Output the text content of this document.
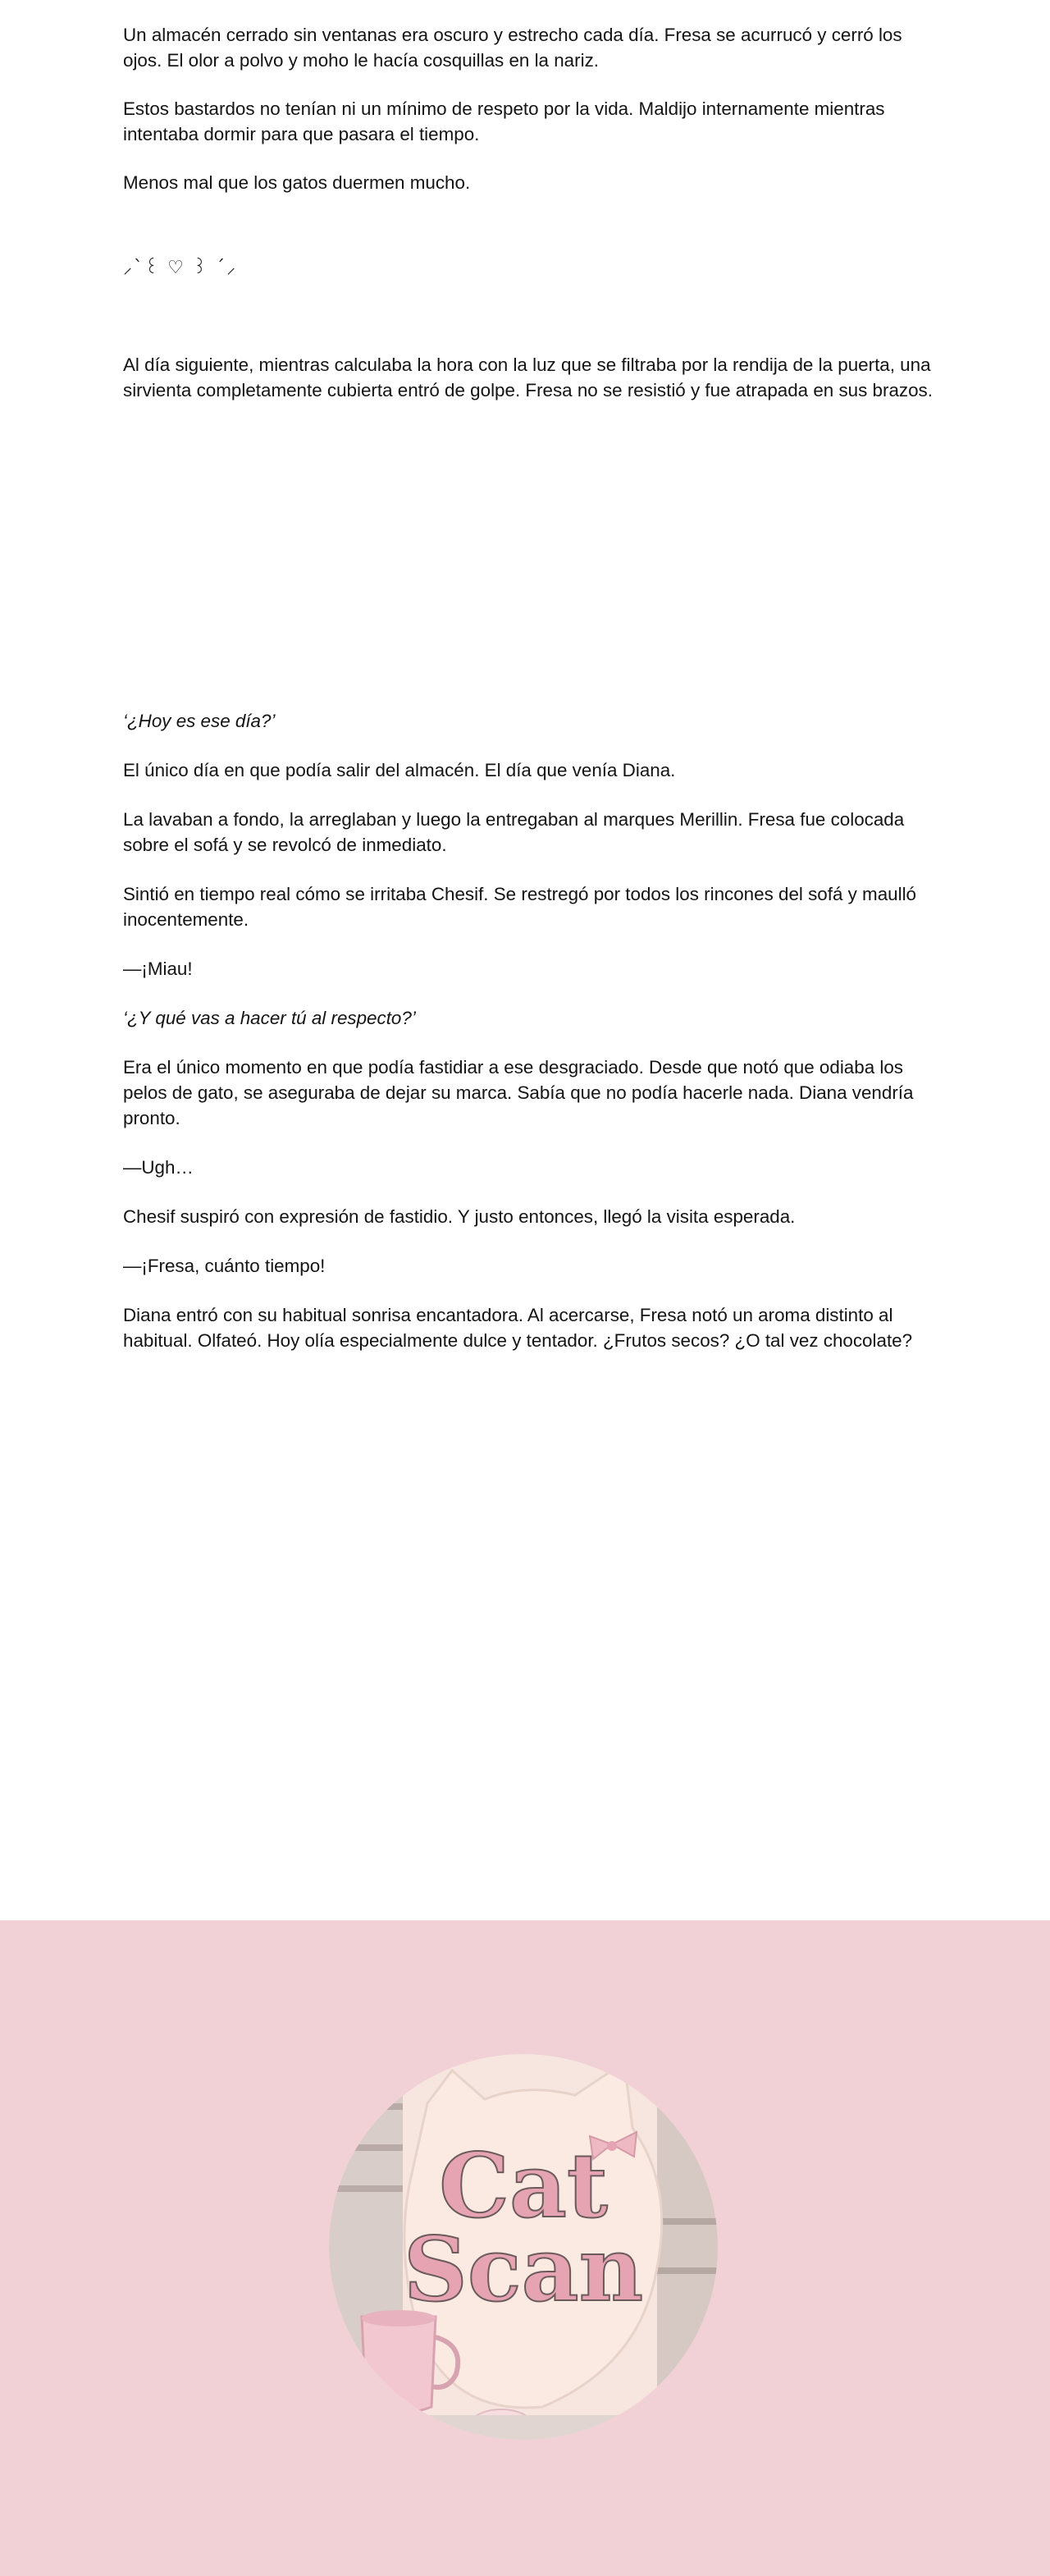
Un almacén cerrado sin ventanas era oscuro y estrecho cada día. Fresa se acurrucó y cerró los ojos. El olor a polvo y moho le hacía cosquillas en la nariz.

Estos bastardos no tenían ni un mínimo de respeto por la vida. Maldijo internamente mientras intentaba dormir para que pasara el tiempo.

Menos mal que los gatos duermen mucho.

⸝ˋ꒰ ♡ ꒱ ˊ⸝

Al día siguiente, mientras calculaba la hora con la luz que se filtraba por la rendija de la puerta, una sirvienta completamente cubierta entró de golpe. Fresa no se resistió y fue atrapada en sus brazos.

‘¿Hoy es ese día?’

El único día en que podía salir del almacén. El día que venía Diana.

La lavaban a fondo, la arreglaban y luego la entregaban al marques Merillin. Fresa fue colocada sobre el sofá y se revolcó de inmediato.

Sintió en tiempo real cómo se irritaba Chesif. Se restregó por todos los rincones del sofá y maulló inocentemente.

—¡Miau!

‘¿Y qué vas a hacer tú al respecto?’

Era el único momento en que podía fastidiar a ese desgraciado. Desde que notó que odiaba los pelos de gato, se aseguraba de dejar su marca. Sabía que no podía hacerle nada. Diana vendría pronto.

—Ugh…

Chesif suspiró con expresión de fastidio. Y justo entonces, llegó la visita esperada.

—¡Fresa, cuánto tiempo!

Diana entró con su habitual sonrisa encantadora. Al acercarse, Fresa notó un aroma distinto al habitual. Olfateó. Hoy olía especialmente dulce y tentador. ¿Frutos secos? ¿O tal vez chocolate?

Cat
Scan
